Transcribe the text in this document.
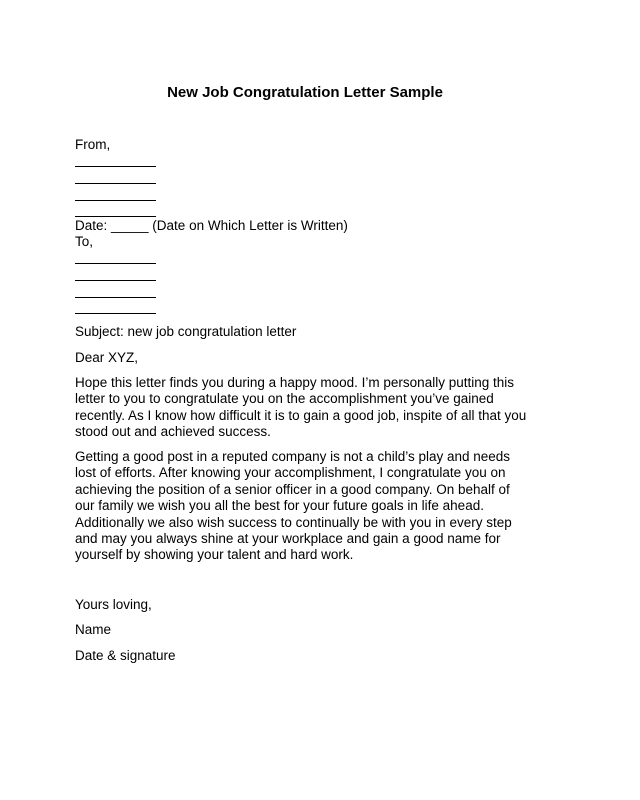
New Job Congratulation Letter Sample
From,
Date: _____ (Date on Which Letter is Written)
To,
Subject: new job congratulation letter
Dear XYZ,
Hope this letter finds you during a happy mood. I’m personally putting this
letter to you to congratulate you on the accomplishment you’ve gained
recently. As I know how difficult it is to gain a good job, inspite of all that you
stood out and achieved success.
Getting a good post in a reputed company is not a child’s play and needs
lost of efforts. After knowing your accomplishment, I congratulate you on
achieving the position of a senior officer in a good company. On behalf of
our family we wish you all the best for your future goals in life ahead.
Additionally we also wish success to continually be with you in every step
and may you always shine at your workplace and gain a good name for
yourself by showing your talent and hard work.
Yours loving,
Name
Date & signature
